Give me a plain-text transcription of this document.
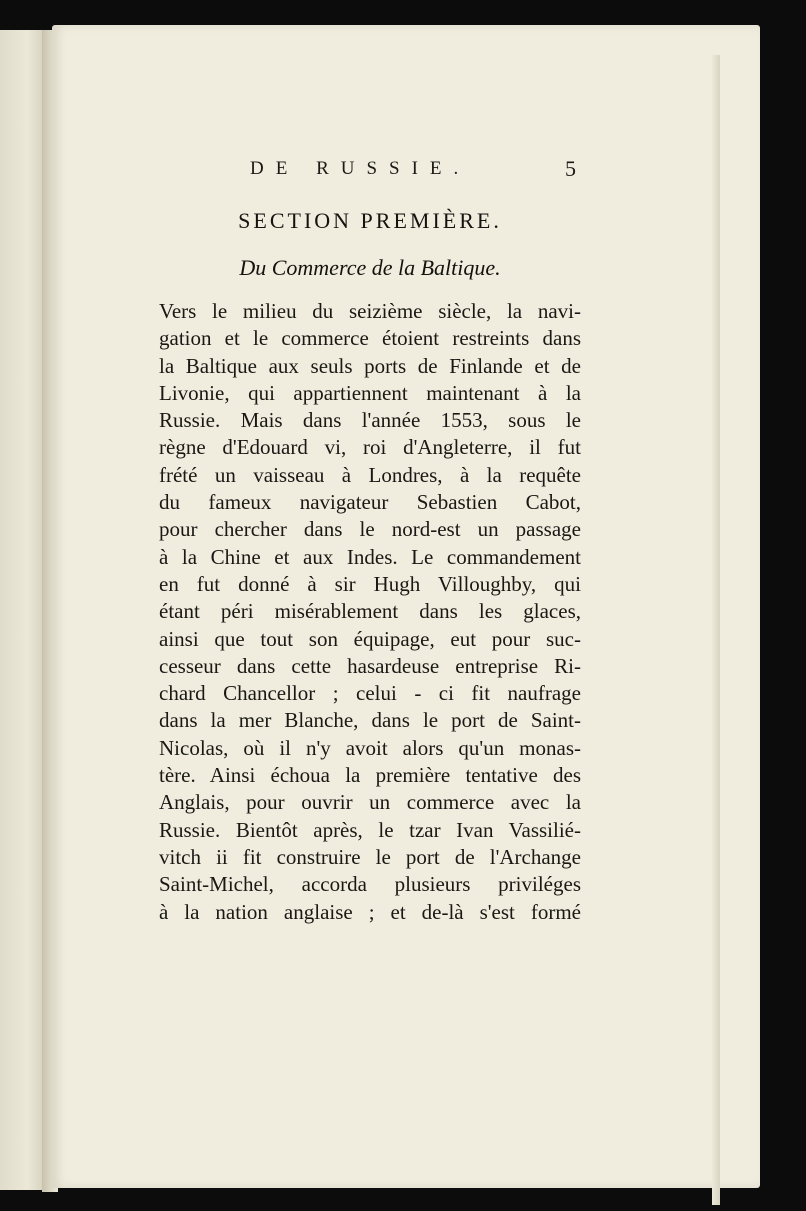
DE RUSSIE.	5
SECTION PREMIÈRE.
Du Commerce de la Baltique.
Vers le milieu du seizième siècle, la navi-
gation et le commerce étoient restreints dans
la Baltique aux seuls ports de Finlande et de
Livonie, qui appartiennent maintenant à la
Russie. Mais dans l'année 1553, sous le
règne d'Edouard vi, roi d'Angleterre, il fut
frété un vaisseau à Londres, à la requête
du fameux navigateur Sebastien Cabot,
pour chercher dans le nord-est un passage
à la Chine et aux Indes. Le commandement
en fut donné à sir Hugh Villoughby, qui
étant péri misérablement dans les glaces,
ainsi que tout son équipage, eut pour suc-
cesseur dans cette hasardeuse entreprise Ri-
chard Chancellor ; celui - ci fit naufrage
dans la mer Blanche, dans le port de Saint-
Nicolas, où il n'y avoit alors qu'un monas-
tère. Ainsi échoua la première tentative des
Anglais, pour ouvrir un commerce avec la
Russie. Bientôt après, le tzar Ivan Vassilié-
vitch ii fit construire le port de l'Archange
Saint-Michel, accorda plusieurs priviléges
à la nation anglaise ; et de-là s'est formé
